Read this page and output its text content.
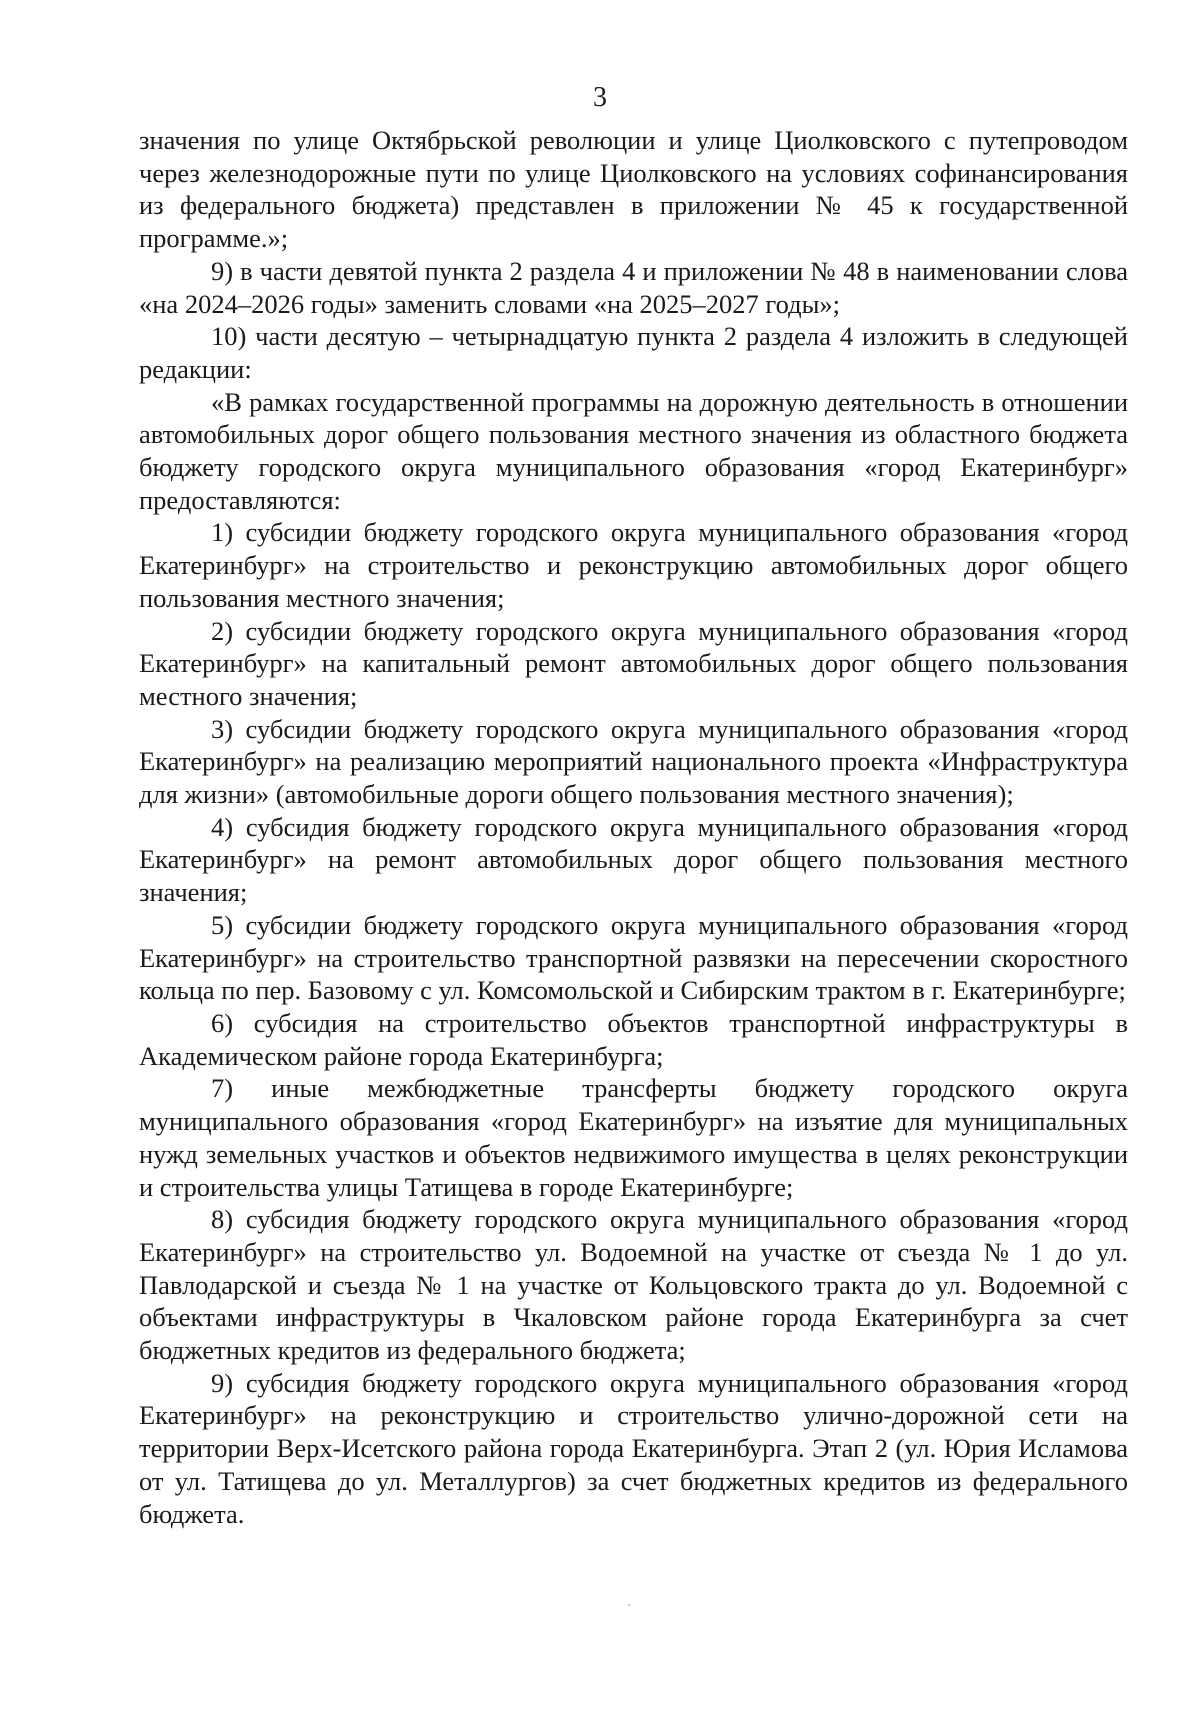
3

значения по улице Октябрьской революции и улице Циолковского с путепроводом через железнодорожные пути по улице Циолковского на условиях софинансирования из федерального бюджета) представлен в приложении № 45 к государственной программе.»;

9) в части девятой пункта 2 раздела 4 и приложении № 48 в наименовании слова «на 2024–2026 годы» заменить словами «на 2025–2027 годы»;

10) части десятую – четырнадцатую пункта 2 раздела 4 изложить в следующей редакции:

«В рамках государственной программы на дорожную деятельность в отношении автомобильных дорог общего пользования местного значения из областного бюджета бюджету городского округа муниципального образования «город Екатеринбург» предоставляются:

1) субсидии бюджету городского округа муниципального образования «город Екатеринбург» на строительство и реконструкцию автомобильных дорог общего пользования местного значения;

2) субсидии бюджету городского округа муниципального образования «город Екатеринбург» на капитальный ремонт автомобильных дорог общего пользования местного значения;

3) субсидии бюджету городского округа муниципального образования «город Екатеринбург» на реализацию мероприятий национального проекта «Инфраструктура для жизни» (автомобильные дороги общего пользования местного значения);

4) субсидия бюджету городского округа муниципального образования «город Екатеринбург» на ремонт автомобильных дорог общего пользования местного значения;

5) субсидии бюджету городского округа муниципального образования «город Екатеринбург» на строительство транспортной развязки на пересечении скоростного кольца по пер. Базовому с ул. Комсомольской и Сибирским трактом в г. Екатеринбурге;

6) субсидия на строительство объектов транспортной инфраструктуры в Академическом районе города Екатеринбурга;

7) иные межбюджетные трансферты бюджету городского округа муниципального образования «город Екатеринбург» на изъятие для муниципальных нужд земельных участков и объектов недвижимого имущества в целях реконструкции и строительства улицы Татищева в городе Екатеринбурге;

8) субсидия бюджету городского округа муниципального образования «город Екатеринбург» на строительство ул. Водоемной на участке от съезда № 1 до ул. Павлодарской и съезда № 1 на участке от Кольцовского тракта до ул. Водоемной с объектами инфраструктуры в Чкаловском районе города Екатеринбурга за счет бюджетных кредитов из федерального бюджета;

9) субсидия бюджету городского округа муниципального образования «город Екатеринбург» на реконструкцию и строительство улично-дорожной сети на территории Верх-Исетского района города Екатеринбурга. Этап 2 (ул. Юрия Исламова от ул. Татищева до ул. Металлургов) за счет бюджетных кредитов из федерального бюджета.
